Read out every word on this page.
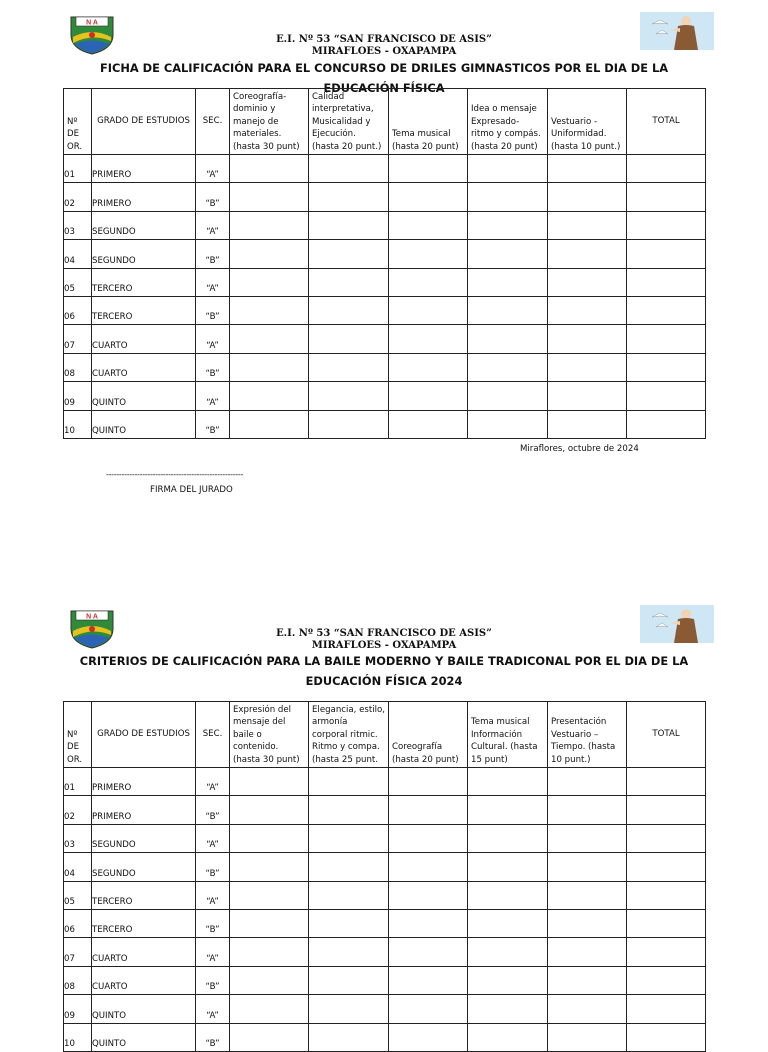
N A
E.I. Nº 53 “SAN FRANCISCO DE ASIS”
MIRAFLOES - OXAPAMPA
FICHA DE CALIFICACIÓN PARA EL CONCURSO DE DRILES GIMNASTICOS POR EL DIA DE LA EDUCACIÓN FÍSICA
Nº DE OR.	GRADO DE ESTUDIOS	SEC.	Coreografía- dominio y manejo de materiales. (hasta 30 punt)	Calidad interpretativa, Musicalidad y Ejecución. (hasta 20 punt.)	Tema musical (hasta 20 punt)	Idea o mensaje Expresado- ritmo y compás. (hasta 20 punt)	Vestuario - Uniformidad. (hasta 10 punt.)	TOTAL
01	PRIMERO	“A”						
02	PRIMERO	“B”						
03	SEGUNDO	“A”						
04	SEGUNDO	“B”						
05	TERCERO	“A”						
06	TERCERO	“B”						
07	CUARTO	“A”						
08	CUARTO	“B”						
09	QUINTO	“A”						
10	QUINTO	“B”						
Miraflores, octubre de 2024
-----------------------------------------------------
FIRMA DEL JURADO
N A
E.I. Nº 53 “SAN FRANCISCO DE ASIS”
MIRAFLOES - OXAPAMPA
CRITERIOS DE CALIFICACIÓN PARA LA BAILE MODERNO Y BAILE TRADICONAL POR EL DIA DE LA EDUCACIÓN FÍSICA 2024
Nº DE OR.	GRADO DE ESTUDIOS	SEC.	Expresión del mensaje del baile o contenido. (hasta 30 punt)	Elegancia, estilo, armonía corporal ritmic. Ritmo y compa. (hasta 25 punt.	Coreografía (hasta 20 punt)	Tema musical Información Cultural. (hasta 15 punt)	Presentación Vestuario – Tiempo. (hasta 10 punt.)	TOTAL
01	PRIMERO	“A”						
02	PRIMERO	“B”						
03	SEGUNDO	“A”						
04	SEGUNDO	“B”						
05	TERCERO	“A”						
06	TERCERO	“B”						
07	CUARTO	“A”						
08	CUARTO	“B”						
09	QUINTO	“A”						
10	QUINTO	“B”						
